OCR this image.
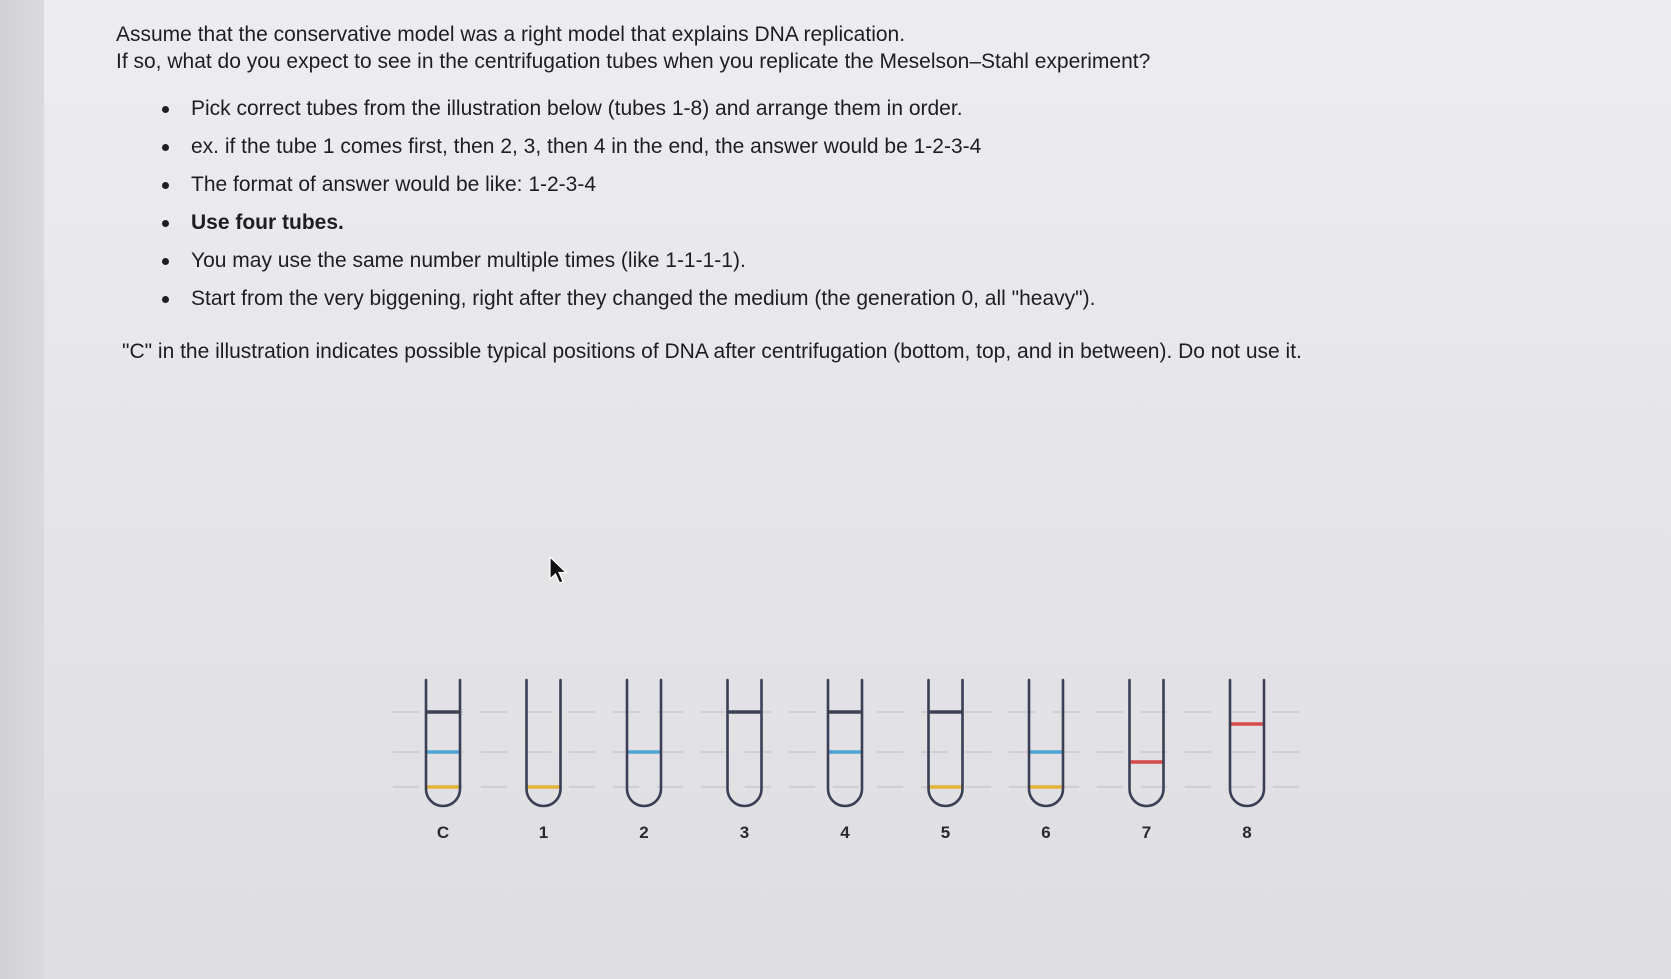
Assume that the conservative model was a right model that explains DNA replication.

If so, what do you expect to see in the centrifugation tubes when you replicate the Meselson–Stahl experiment?

Pick correct tubes from the illustration below (tubes 1-8) and arrange them in order.
ex. if the tube 1 comes first, then 2, 3, then 4 in the end, the answer would be 1-2-3-4
The format of answer would be like: 1-2-3-4
Use four tubes.
You may use the same number multiple times (like 1-1-1-1).
Start from the very biggening, right after they changed the medium (the generation 0, all "heavy").

"C" in the illustration indicates possible typical positions of DNA after centrifugation (bottom, top, and in between). Do not use it.

C	1	2	3	4	5	6	7	8
